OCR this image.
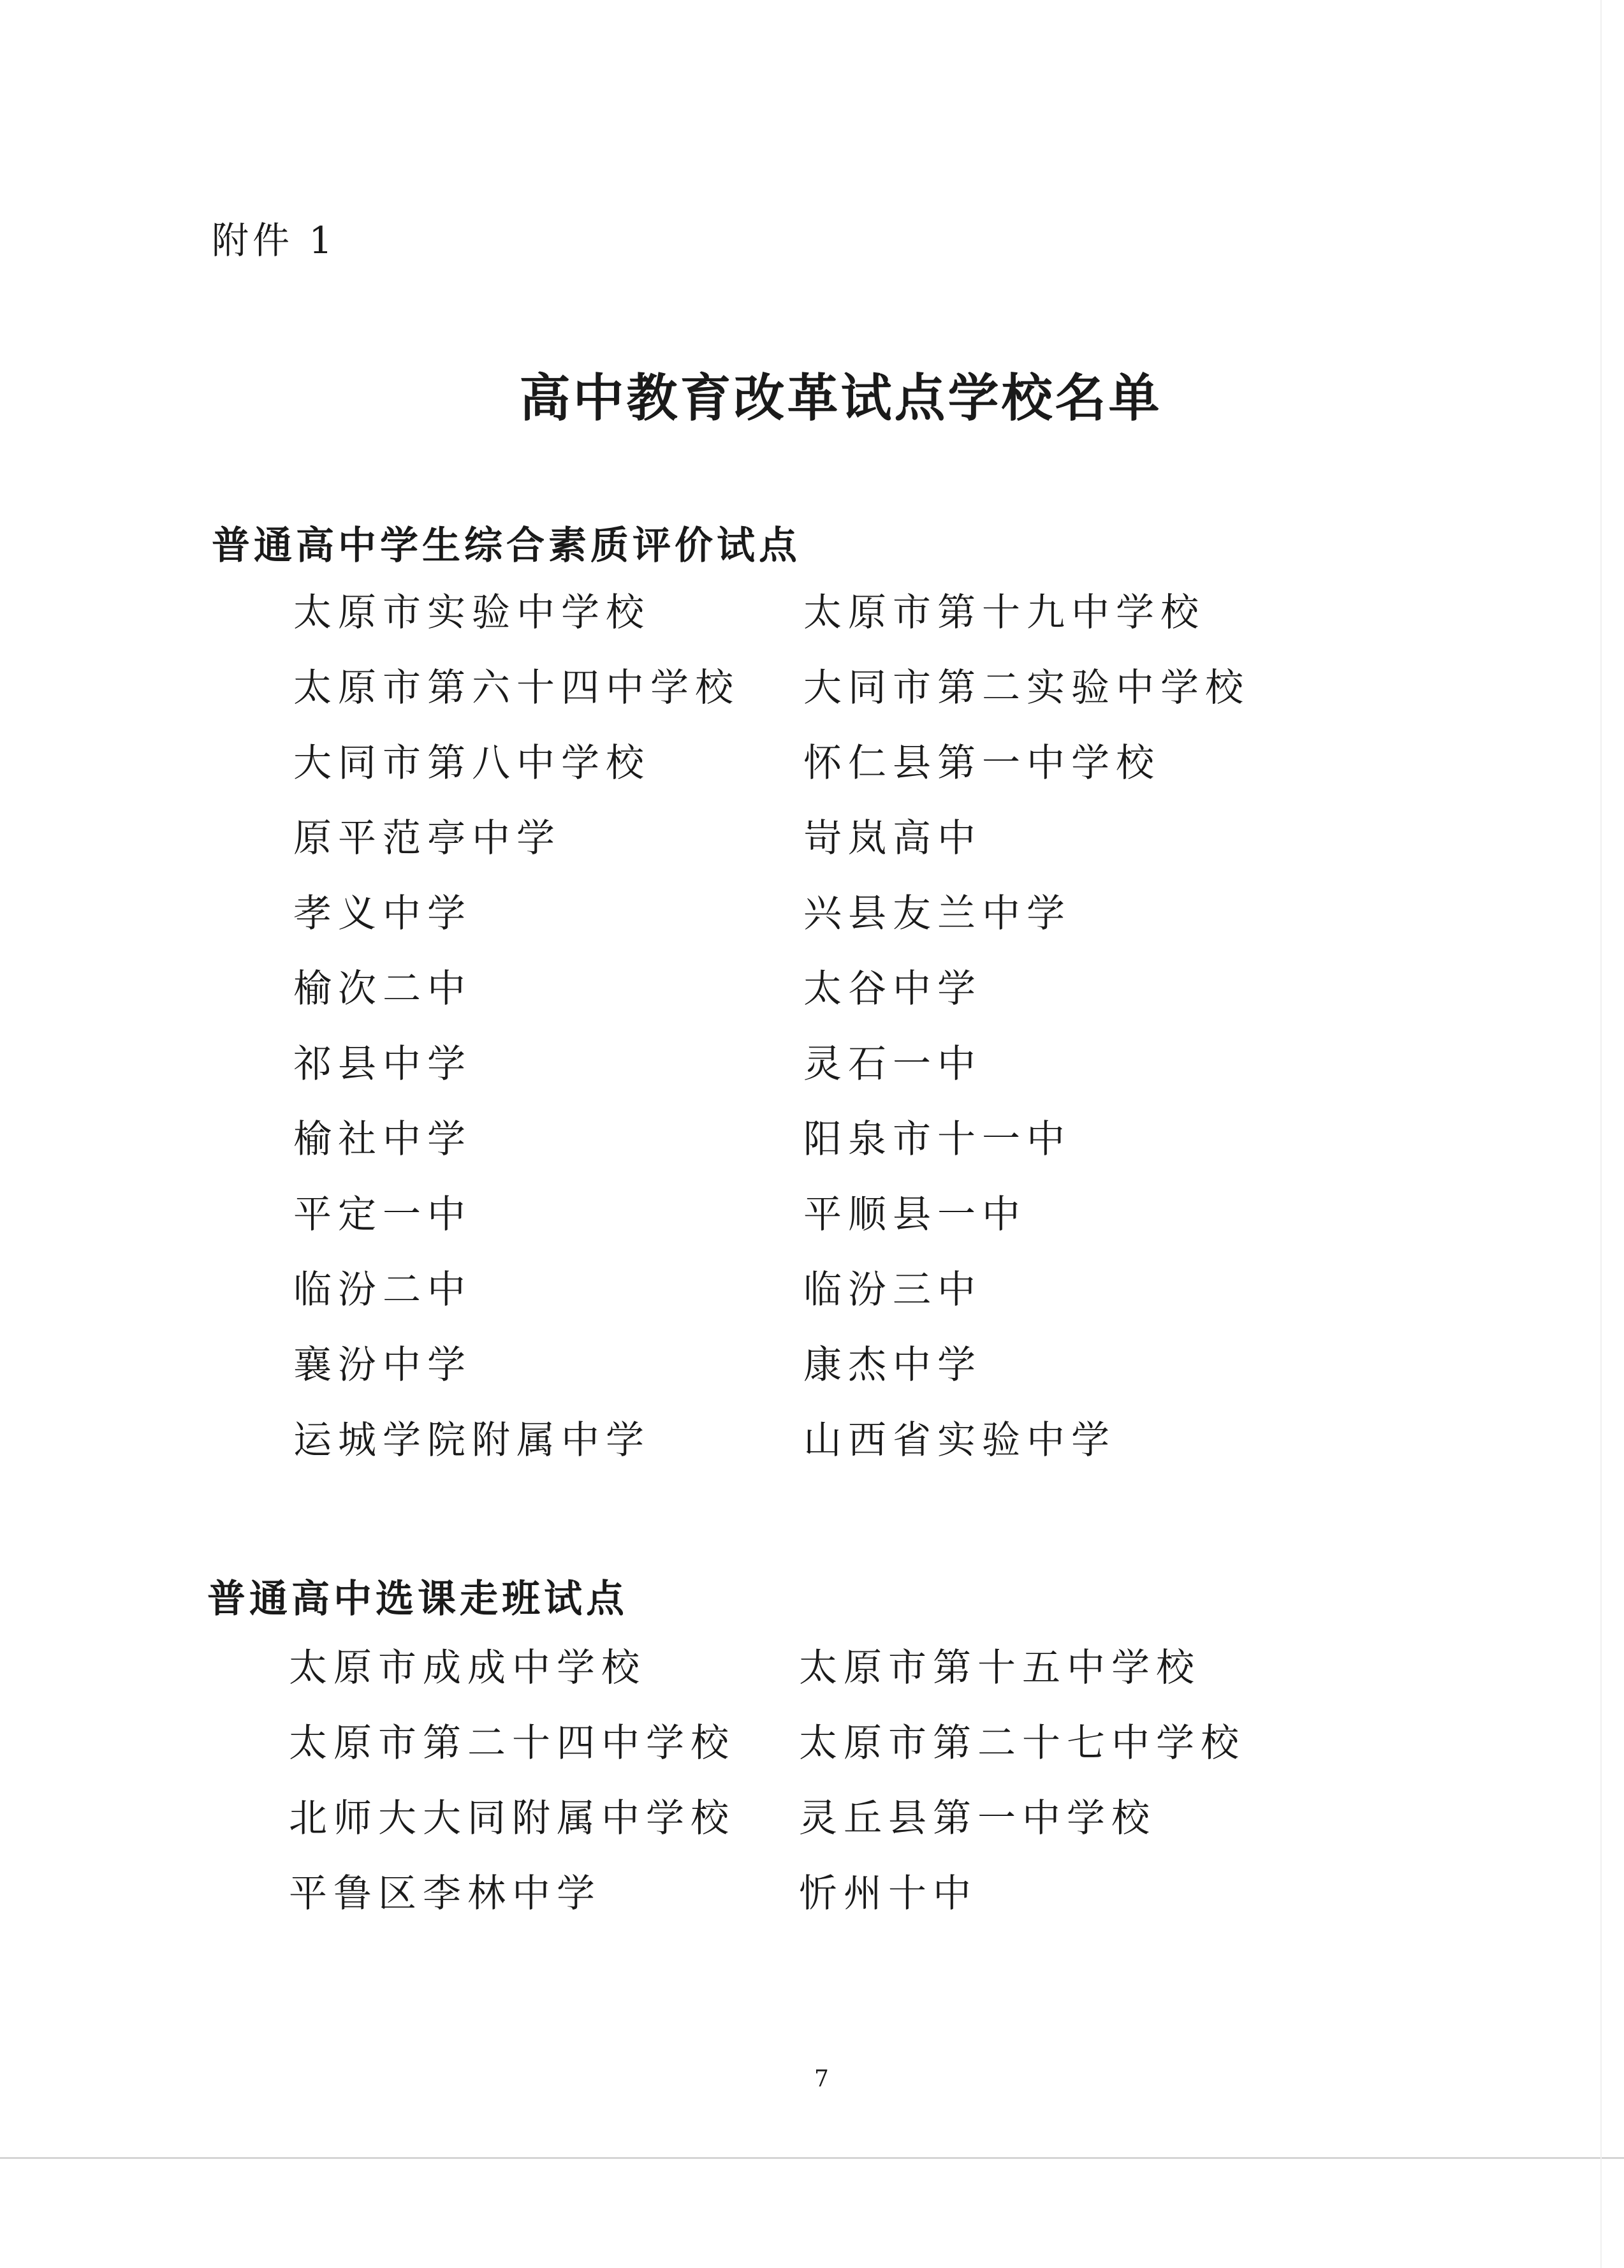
附件 1
高中教育改革试点学校名单
普通高中学生综合素质评价试点
太原市实验中学校	太原市第十九中学校
太原市第六十四中学校	大同市第二实验中学校
大同市第八中学校	怀仁县第一中学校
原平范亭中学	岢岚高中
孝义中学	兴县友兰中学
榆次二中	太谷中学
祁县中学	灵石一中
榆社中学	阳泉市十一中
平定一中	平顺县一中
临汾二中	临汾三中
襄汾中学	康杰中学
运城学院附属中学	山西省实验中学
普通高中选课走班试点
太原市成成中学校	太原市第十五中学校
太原市第二十四中学校	太原市第二十七中学校
北师大大同附属中学校	灵丘县第一中学校
平鲁区李林中学	忻州十中
7
